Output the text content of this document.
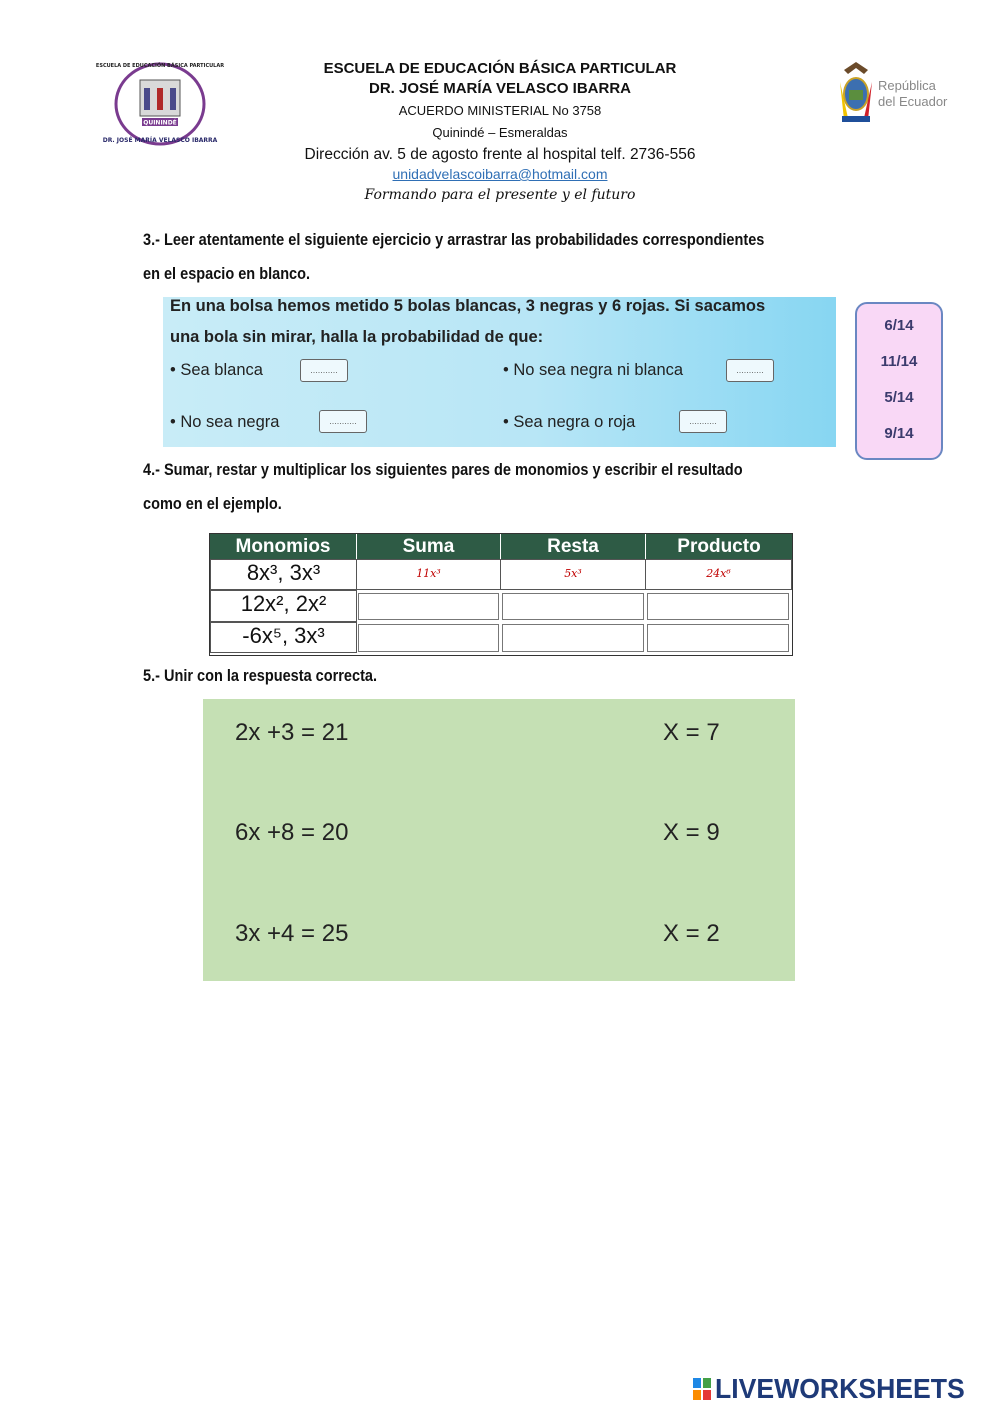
QUININDÉ
ESCUELA DE EDUCACIÓN BÁSICA PARTICULAR
DR. JOSÉ MARÍA VELASCO IBARRA
ESCUELA DE EDUCACIÓN BÁSICA PARTICULAR
DR. JOSÉ MARÍA VELASCO IBARRA
ACUERDO MINISTERIAL No 3758
Quinindé – Esmeraldas
Dirección av. 5 de agosto frente al hospital telf. 2736-556
unidadvelascoibarra@hotmail.com
Formando para el presente y el futuro
República
del Ecuador
3.- Leer atentamente el siguiente ejercicio y arrastrar las probabilidades correspondientes
en el espacio en blanco.
En una bolsa hemos metido 5 bolas blancas, 3 negras y 6 rojas. Si sacamos
una bola sin mirar, halla la probabilidad de que:
• Sea blanca	...........	• No sea negra ni blanca	...........
• No sea negra	...........	• Sea negra o roja	...........
6/14
11/14
5/14
9/14
4.- Sumar, restar y multiplicar los siguientes pares de monomios y escribir el resultado
como en el ejemplo.
Monomios	Suma	Resta	Producto
8x³, 3x³	11x³	5x³	24x⁶
12x², 2x²
-6x⁵, 3x³
5.- Unir con la respuesta correcta.
2x +3 = 21
6x +8 = 20
3x +4 = 25
X = 7
X = 9
X = 2
LIVEWORKSHEETS
